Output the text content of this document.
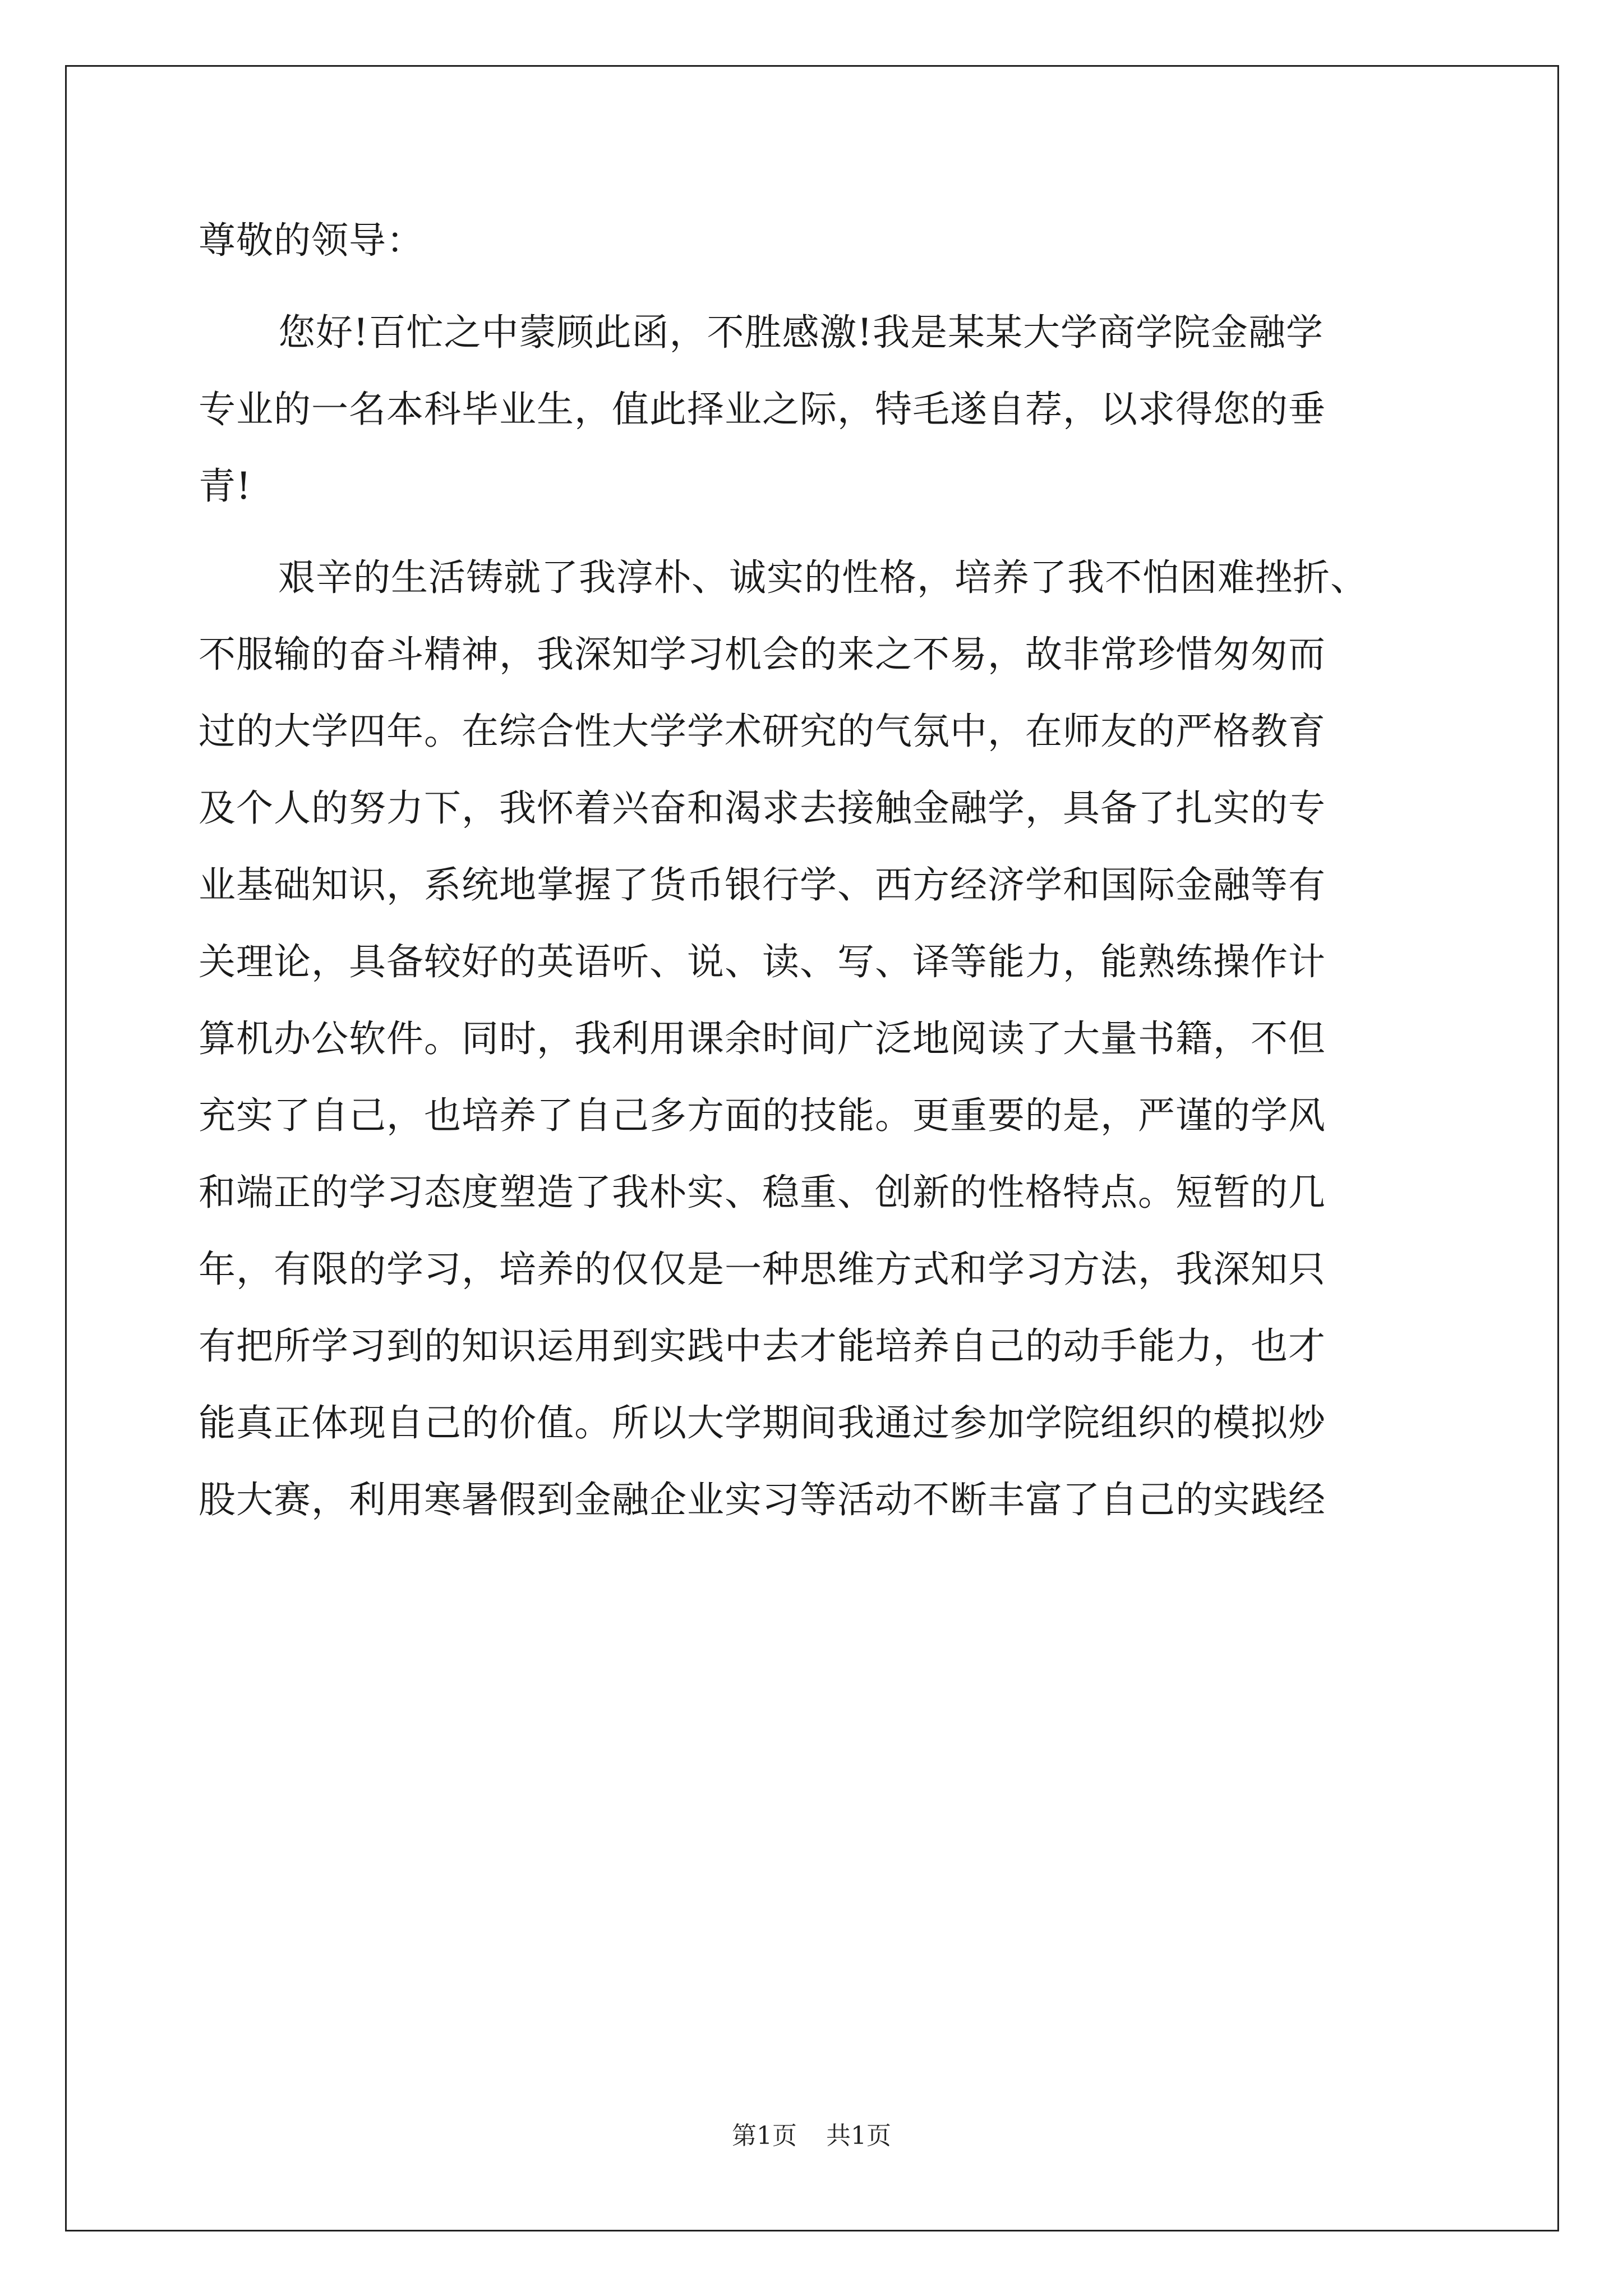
尊敬的领导：

您好!百忙之中蒙顾此函，不胜感激!我是某某大学商学院金融学
专业的一名本科毕业生，值此择业之际，特毛遂自荐，以求得您的垂
青!

艰辛的生活铸就了我淳朴、诚实的性格，培养了我不怕困难挫折、
不服输的奋斗精神，我深知学习机会的来之不易，故非常珍惜匆匆而
过的大学四年。在综合性大学学术研究的气氛中，在师友的严格教育
及个人的努力下，我怀着兴奋和渴求去接触金融学，具备了扎实的专
业基础知识，系统地掌握了货币银行学、西方经济学和国际金融等有
关理论，具备较好的英语听、说、读、写、译等能力，能熟练操作计
算机办公软件。同时，我利用课余时间广泛地阅读了大量书籍，不但
充实了自己，也培养了自己多方面的技能。更重要的是，严谨的学风
和端正的学习态度塑造了我朴实、稳重、创新的性格特点。短暂的几
年，有限的学习，培养的仅仅是一种思维方式和学习方法，我深知只
有把所学习到的知识运用到实践中去才能培养自己的动手能力，也才
能真正体现自己的价值。所以大学期间我通过参加学院组织的模拟炒
股大赛，利用寒暑假到金融企业实习等活动不断丰富了自己的实践经

第1页 共1页
